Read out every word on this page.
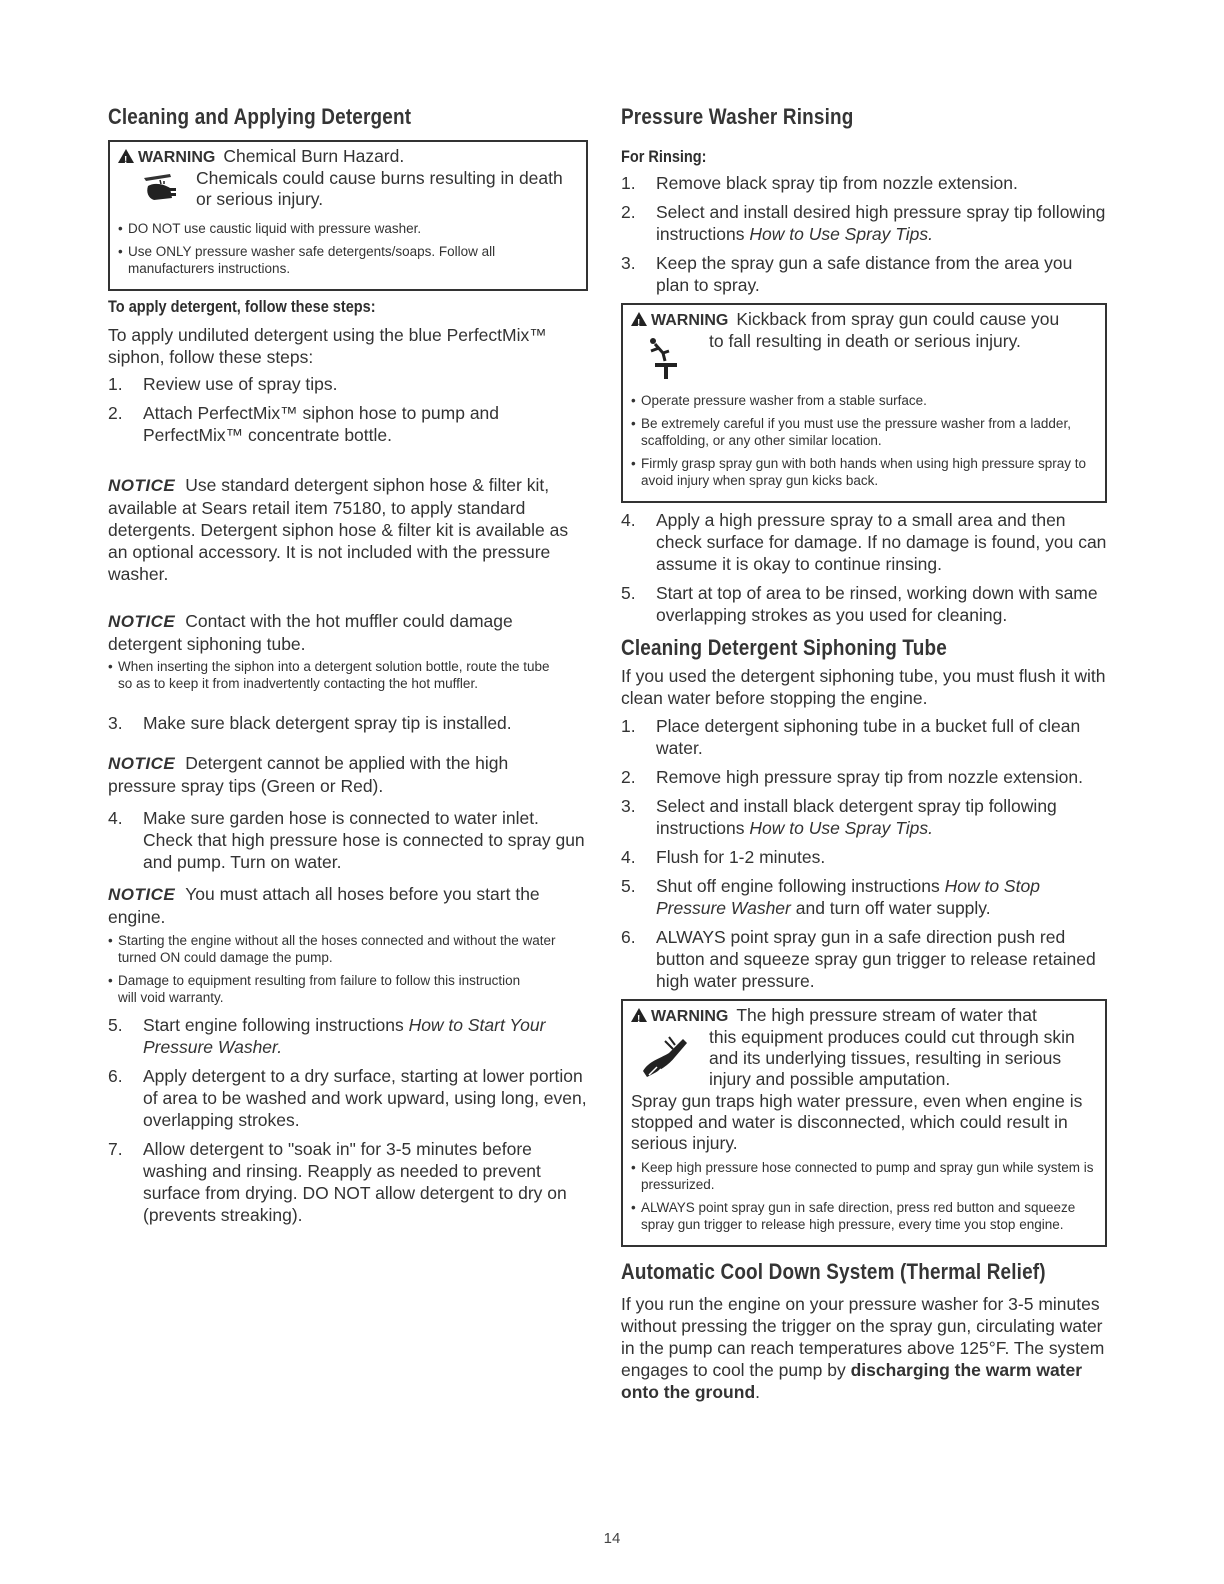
Cleaning and Applying Detergent
!WARNING Chemical Burn Hazard.
Chemicals could cause burns resulting in death
or serious injury.
• DO NOT use caustic liquid with pressure washer.
• Use ONLY pressure washer safe detergents/soaps. Follow all manufacturers instructions.
To apply detergent, follow these steps:

To apply undiluted detergent using the blue PerfectMix™ siphon, follow these steps:

1. Review use of spray tips.
2. Attach PerfectMix™ siphon hose to pump and PerfectMix™ concentrate bottle.

NOTICE Use standard detergent siphon hose & filter kit, available at Sears retail item 75180, to apply standard detergents. Detergent siphon hose & filter kit is available as an optional accessory. It is not included with the pressure washer.

NOTICE Contact with the hot muffler could damage detergent siphoning tube.

• When inserting the siphon into a detergent solution bottle, route the tube so as to keep it from inadvertently contacting the hot muffler.
3. Make sure black detergent spray tip is installed.

NOTICE Detergent cannot be applied with the high pressure spray tips (Green or Red).

4. Make sure garden hose is connected to water inlet. Check that high pressure hose is connected to spray gun and pump. Turn on water.

NOTICE You must attach all hoses before you start the engine.

• Starting the engine without all the hoses connected and without the water turned ON could damage the pump.
• Damage to equipment resulting from failure to follow this instruction will void warranty.
5. Start engine following instructions How to Start Your Pressure Washer.
6. Apply detergent to a dry surface, starting at lower portion of area to be washed and work upward, using long, even, overlapping strokes.
7. Allow detergent to "soak in" for 3-5 minutes before washing and rinsing. Reapply as needed to prevent surface from drying. DO NOT allow detergent to dry on (prevents streaking).
Pressure Washer Rinsing
For Rinsing:
1. Remove black spray tip from nozzle extension.
2. Select and install desired high pressure spray tip following instructions How to Use Spray Tips.
3. Keep the spray gun a safe distance from the area you plan to spray.
!WARNING Kickback from spray gun could cause you
to fall resulting in death or serious injury.
• Operate pressure washer from a stable surface.
• Be extremely careful if you must use the pressure washer from a ladder, scaffolding, or any other similar location.
• Firmly grasp spray gun with both hands when using high pressure spray to avoid injury when spray gun kicks back.
4. Apply a high pressure spray to a small area and then check surface for damage. If no damage is found, you can assume it is okay to continue rinsing.
5. Start at top of area to be rinsed, working down with same overlapping strokes as you used for cleaning.
Cleaning Detergent Siphoning Tube

If you used the detergent siphoning tube, you must flush it with clean water before stopping the engine.

1. Place detergent siphoning tube in a bucket full of clean water.
2. Remove high pressure spray tip from nozzle extension.
3. Select and install black detergent spray tip following instructions How to Use Spray Tips.
4. Flush for 1-2 minutes.
5. Shut off engine following instructions How to Stop Pressure Washer and turn off water supply.
6. ALWAYS point spray gun in a safe direction push red button and squeeze spray gun trigger to release retained high water pressure.
!WARNING The high pressure stream of water that
this equipment produces could cut through skin
and its underlying tissues, resulting in serious
injury and possible amputation.

Spray gun traps high water pressure, even when engine is stopped and water is disconnected, which could result in serious injury.

• Keep high pressure hose connected to pump and spray gun while system is pressurized.
• ALWAYS point spray gun in safe direction, press red button and squeeze spray gun trigger to release high pressure, every time you stop engine.
Automatic Cool Down System (Thermal Relief)

If you run the engine on your pressure washer for 3-5 minutes without pressing the trigger on the spray gun, circulating water in the pump can reach temperatures above 125°F. The system engages to cool the pump by discharging the warm water onto the ground.

14
